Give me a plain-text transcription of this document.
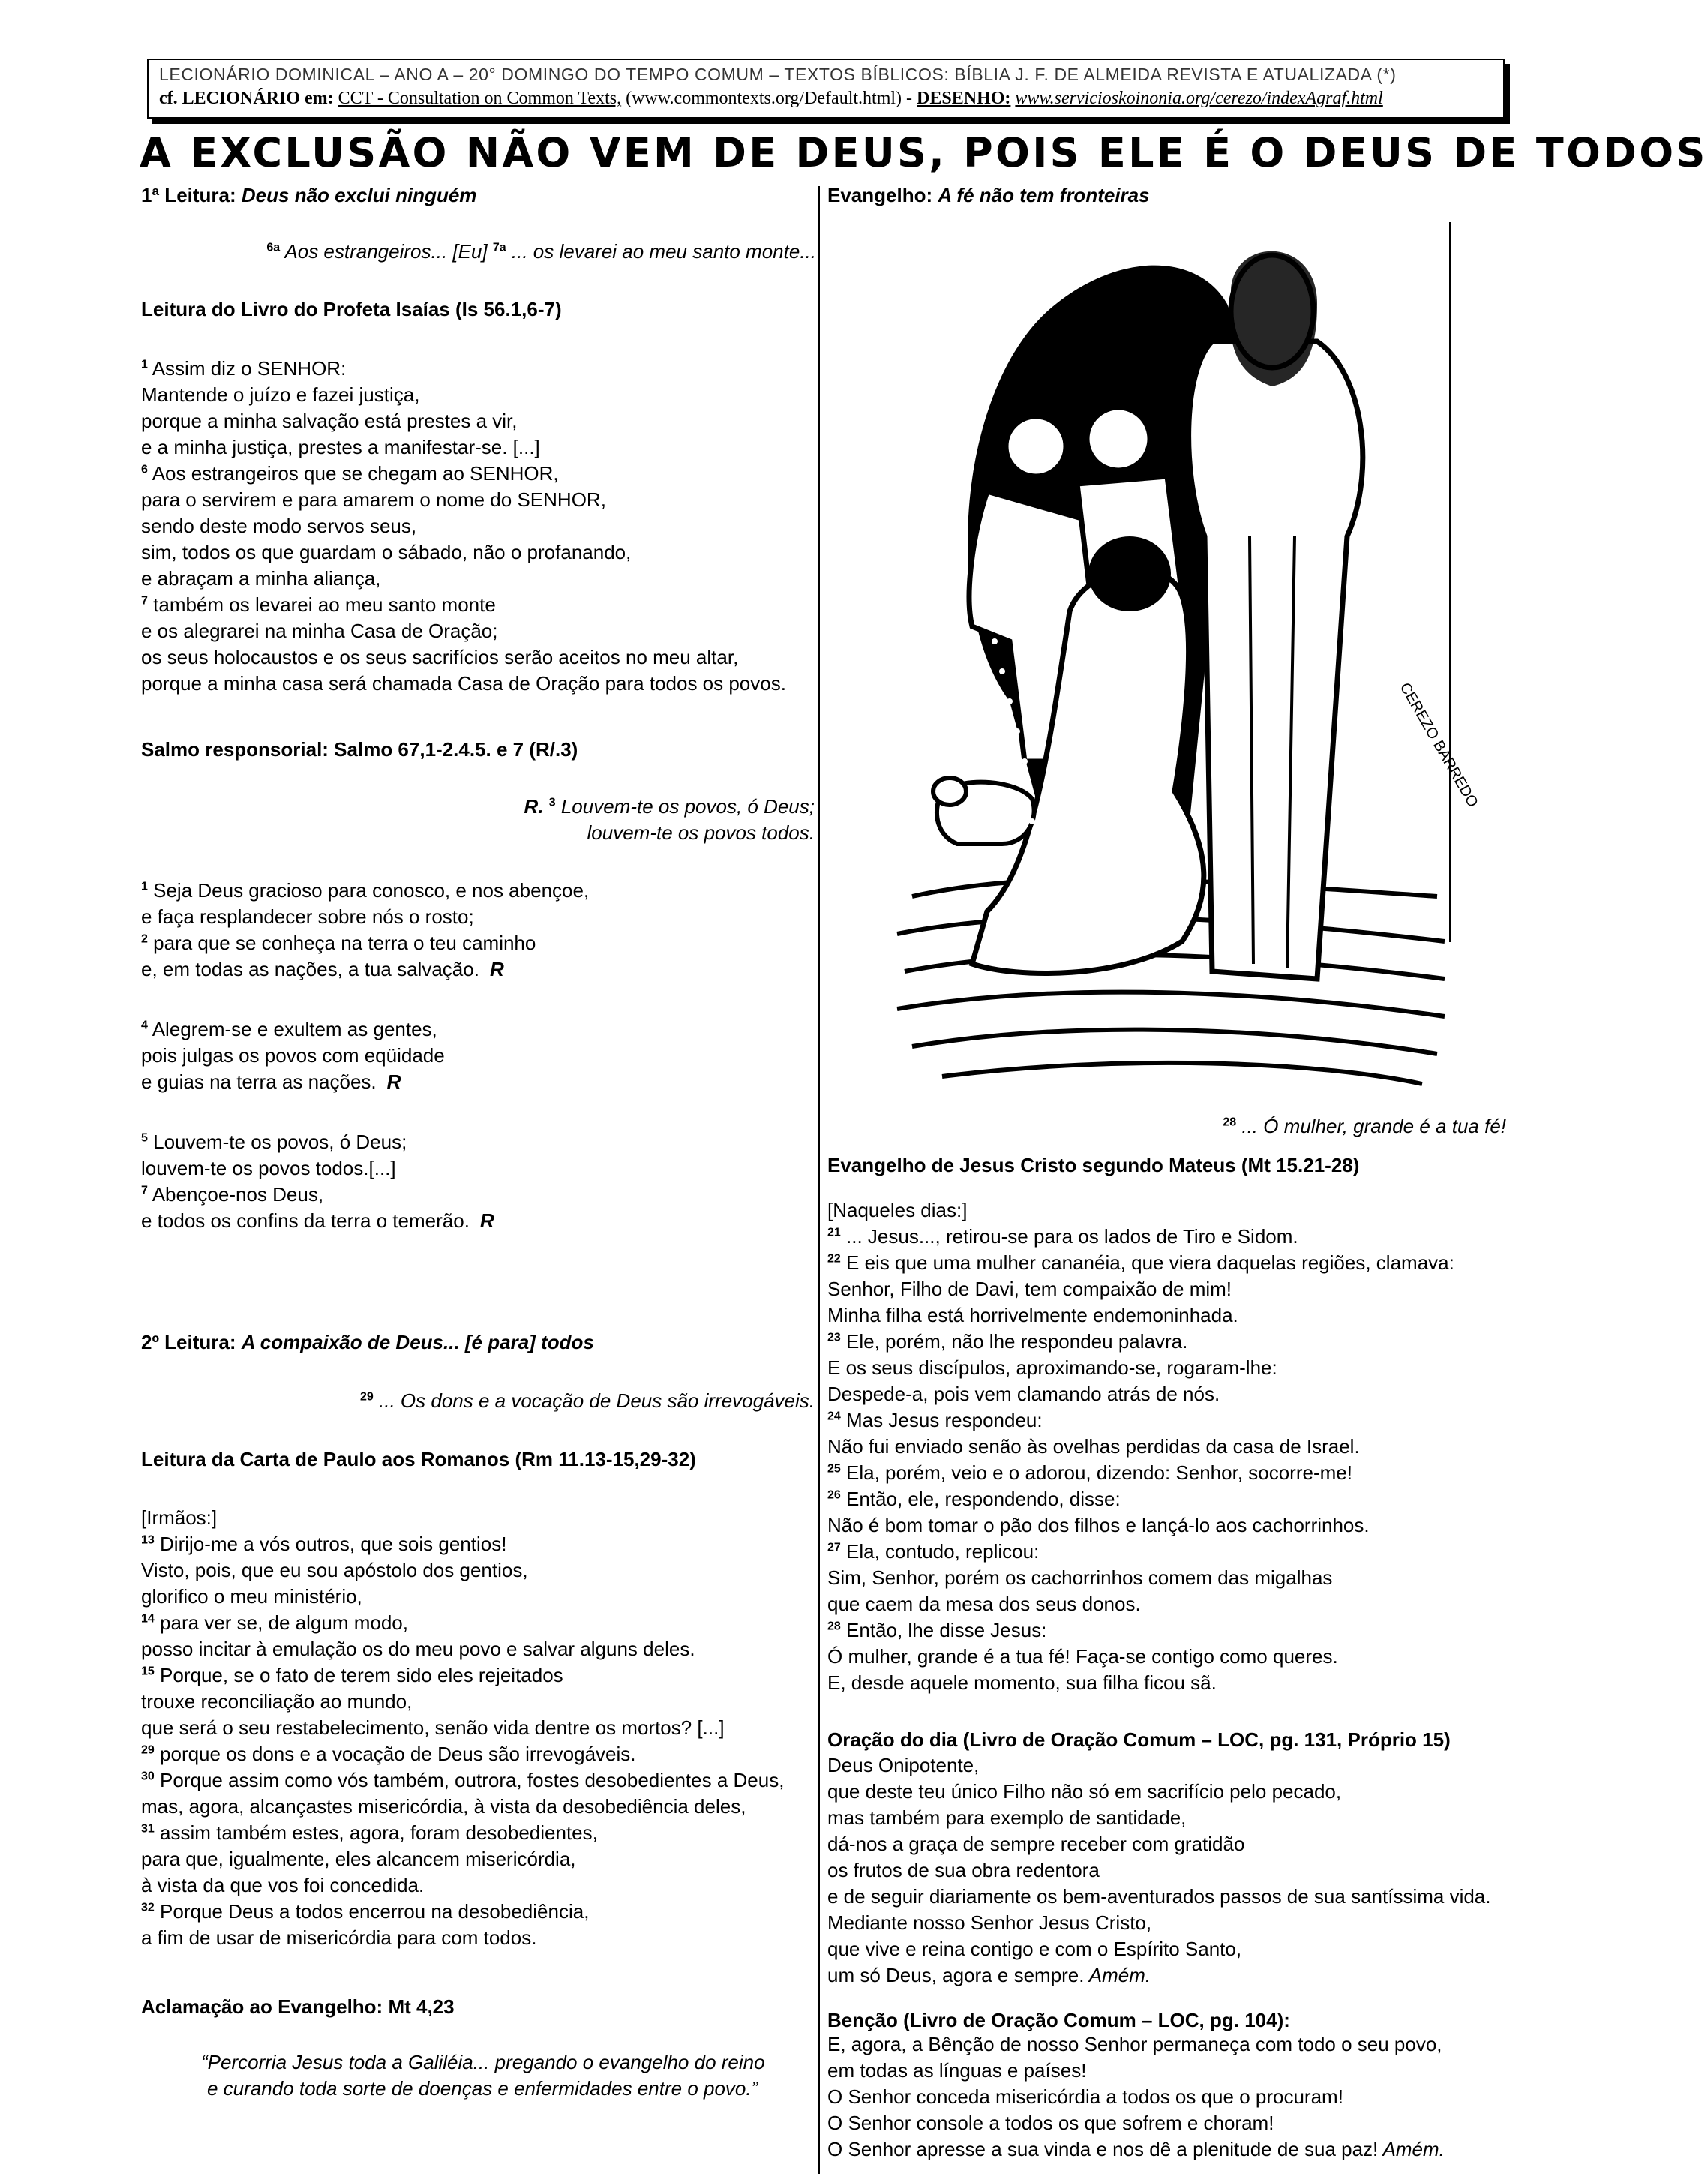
LECIONÁRIO DOMINICAL – ANO A – 20° DOMINGO DO TEMPO COMUM – TEXTOS BÍBLICOS: BÍBLIA J. F. DE ALMEIDA REVISTA E ATUALIZADA (*)
cf. LECIONÁRIO em: CCT - Consultation on Common Texts, (www.commontexts.org/Default.html) - DESENHO: www.servicioskoinonia.org/cerezo/indexAgraf.html
A EXCLUSÃO NÃO VEM DE DEUS, POIS ELE É O DEUS DE TODOS
1ª Leitura: Deus não exclui ninguém
$^{6a}$ Aos estrangeiros... [Eu] $^{7a}$ ... os levarei ao meu santo monte...
Leitura do Livro do Profeta Isaías (Is 56.1,6-7)
$^1$ Assim diz o SENHOR:
Mantende o juízo e fazei justiça,
porque a minha salvação está prestes a vir,
e a minha justiça, prestes a manifestar-se. [...]
$^6$ Aos estrangeiros que se chegam ao SENHOR,
para o servirem e para amarem o nome do SENHOR,
sendo deste modo servos seus,
sim, todos os que guardam o sábado, não o profanando,
e abraçam a minha aliança,
$^7$ também os levarei ao meu santo monte
e os alegrarei na minha Casa de Oração;
os seus holocaustos e os seus sacrifícios serão aceitos no meu altar,
porque a minha casa será chamada Casa de Oração para todos os povos.
Salmo responsorial: Salmo 67,1-2.4.5. e 7 (R/.3)
R. $^3$ Louvem-te os povos, ó Deus;
louvem-te os povos todos.
$^1$ Seja Deus gracioso para conosco, e nos abençoe,
e faça resplandecer sobre nós o rosto;
$^2$ para que se conheça na terra o teu caminho
e, em todas as nações, a tua salvação. R
$^4$ Alegrem-se e exultem as gentes,
pois julgas os povos com eqüidade
e guias na terra as nações. R
$^5$ Louvem-te os povos, ó Deus;
louvem-te os povos todos.[...]
$^7$ Abençoe-nos Deus,
e todos os confins da terra o temerão. R
2º Leitura: A compaixão de Deus... [é para] todos
$^{29}$ ... Os dons e a vocação de Deus são irrevogáveis.
Leitura da Carta de Paulo aos Romanos (Rm 11.13-15,29-32)
[Irmãos:]
$^{13}$ Dirijo-me a vós outros, que sois gentios!
Visto, pois, que eu sou apóstolo dos gentios,
glorifico o meu ministério,
$^{14}$ para ver se, de algum modo,
posso incitar à emulação os do meu povo e salvar alguns deles.
$^{15}$ Porque, se o fato de terem sido eles rejeitados
trouxe reconciliação ao mundo,
que será o seu restabelecimento, senão vida dentre os mortos? [...]
$^{29}$ porque os dons e a vocação de Deus são irrevogáveis.
$^{30}$ Porque assim como vós também, outrora, fostes desobedientes a Deus,
mas, agora, alcançastes misericórdia, à vista da desobediência deles,
$^{31}$ assim também estes, agora, foram desobedientes,
para que, igualmente, eles alcancem misericórdia,
à vista da que vos foi concedida.
$^{32}$ Porque Deus a todos encerrou na desobediência,
a fim de usar de misericórdia para com todos.
Aclamação ao Evangelho: Mt 4,23
“Percorria Jesus toda a Galiléia... pregando o evangelho do reino
e curando toda sorte de doenças e enfermidades entre o povo.”
Evangelho: A fé não tem fronteiras
CEREZO BARREDO
$^{28}$ ... Ó mulher, grande é a tua fé!
Evangelho de Jesus Cristo segundo Mateus (Mt 15.21-28)
[Naqueles dias:]
$^{21}$ ... Jesus..., retirou-se para os lados de Tiro e Sidom.
$^{22}$ E eis que uma mulher cananéia, que viera daquelas regiões, clamava:
Senhor, Filho de Davi, tem compaixão de mim!
Minha filha está horrivelmente endemoninhada.
$^{23}$ Ele, porém, não lhe respondeu palavra.
E os seus discípulos, aproximando-se, rogaram-lhe:
Despede-a, pois vem clamando atrás de nós.
$^{24}$ Mas Jesus respondeu:
Não fui enviado senão às ovelhas perdidas da casa de Israel.
$^{25}$ Ela, porém, veio e o adorou, dizendo: Senhor, socorre-me!
$^{26}$ Então, ele, respondendo, disse:
Não é bom tomar o pão dos filhos e lançá-lo aos cachorrinhos.
$^{27}$ Ela, contudo, replicou:
Sim, Senhor, porém os cachorrinhos comem das migalhas
que caem da mesa dos seus donos.
$^{28}$ Então, lhe disse Jesus:
Ó mulher, grande é a tua fé! Faça-se contigo como queres.
E, desde aquele momento, sua filha ficou sã.
Oração do dia (Livro de Oração Comum – LOC, pg. 131, Próprio 15)
Deus Onipotente,
que deste teu único Filho não só em sacrifício pelo pecado,
mas também para exemplo de santidade,
dá-nos a graça de sempre receber com gratidão
os frutos de sua obra redentora
e de seguir diariamente os bem-aventurados passos de sua santíssima vida.
Mediante nosso Senhor Jesus Cristo,
que vive e reina contigo e com o Espírito Santo,
um só Deus, agora e sempre. Amém.
Benção (Livro de Oração Comum – LOC, pg. 104):
E, agora, a Bênção de nosso Senhor permaneça com todo o seu povo,
em todas as línguas e países!
O Senhor conceda misericórdia a todos os que o procuram!
O Senhor console a todos os que sofrem e choram!
O Senhor apresse a sua vinda e nos dê a plenitude de sua paz! Amém.
